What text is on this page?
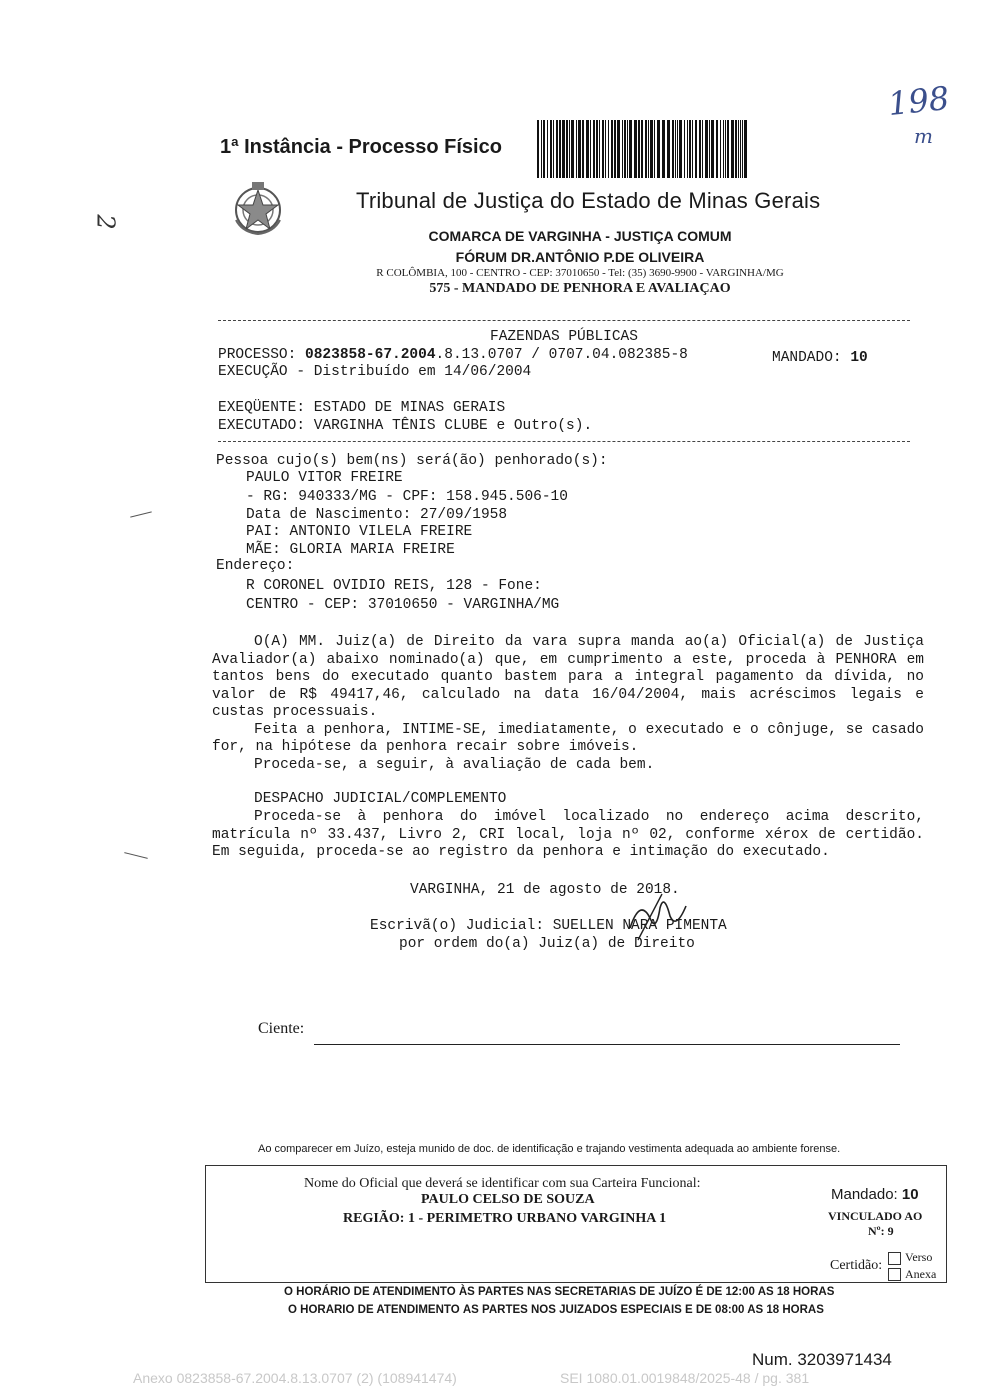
198
m
2
1ª Instância - Processo Físico
Tribunal de Justiça do Estado de Minas Gerais
COMARCA DE VARGINHA - JUSTIÇA COMUM
FÓRUM DR.ANTÔNIO P.DE OLIVEIRA
R COLÔMBIA, 100 - CENTRO - CEP: 37010650 - Tel: (35) 3690-9900 - VARGINHA/MG
575 - MANDADO DE PENHORA E AVALIAÇAO
FAZENDAS PÚBLICAS
PROCESSO: 0823858-67.2004.8.13.0707 / 0707.04.082385-8	MANDADO: 10
EXECUÇÃO - Distribuído em 14/06/2004
EXEQÜENTE: ESTADO DE MINAS GERAIS
EXECUTADO: VARGINHA TÊNIS CLUBE e Outro(s).
Pessoa cujo(s) bem(ns) será(ão) penhorado(s):
PAULO VITOR FREIRE
- RG: 940333/MG - CPF: 158.945.506-10
Data de Nascimento: 27/09/1958
PAI: ANTONIO VILELA FREIRE
MÃE: GLORIA MARIA FREIRE
Endereço:
R CORONEL OVIDIO REIS, 128 - Fone:
CENTRO - CEP: 37010650 - VARGINHA/MG

O(A) MM. Juiz(a) de Direito da vara supra manda ao(a) Oficial(a) de Justiça Avaliador(a) abaixo nominado(a) que, em cumprimento a este, proceda à PENHORA em tantos bens do executado quanto bastem para a integral pagamento da dívida, no valor de R$ 49417,46, calculado na data 16/04/2004, mais acréscimos legais e custas processuais.

Feita a penhora, INTIME-SE, imediatamente, o executado e o cônjuge, se casado for, na hipótese da penhora recair sobre imóveis.

Proceda-se, a seguir, à avaliação de cada bem.

DESPACHO JUDICIAL/COMPLEMENTO

Proceda-se à penhora do imóvel localizado no endereço acima descrito, matrícula nº 33.437, Livro 2, CRI local, loja nº 02, conforme xérox de certidão. Em seguida, proceda-se ao registro da penhora e intimação do executado.

VARGINHA, 21 de agosto de 2018.
Escrivã(o) Judicial: SUELLEN NARA PIMENTA
por ordem do(a) Juiz(a) de Direito
Ciente:
Ao comparecer em Juízo, esteja munido de doc. de identificação e trajando vestimenta adequada ao ambiente forense.
Nome do Oficial que deverá se identificar com sua Carteira Funcional:
PAULO CELSO DE SOUZA
REGIÃO: 1 - PERIMETRO URBANO VARGINHA 1
Mandado: 10
VINCULADO AO
Nº: 9
Certidão:
Verso
Anexa
O HORÁRIO DE ATENDIMENTO ÀS PARTES NAS SECRETARIAS DE JUÍZO É DE 12:00 AS 18 HORAS
O HORÁRIO DE ATENDIMENTO ÀS PARTES NOS JUIZADOS ESPECIAIS É DE 08:00 AS 18 HORAS
Num. 3203971434
Anexo 0823858-67.2004.8.13.0707 (2) (108941474)	SEI 1080.01.0019848/2025-48 / pg. 381
